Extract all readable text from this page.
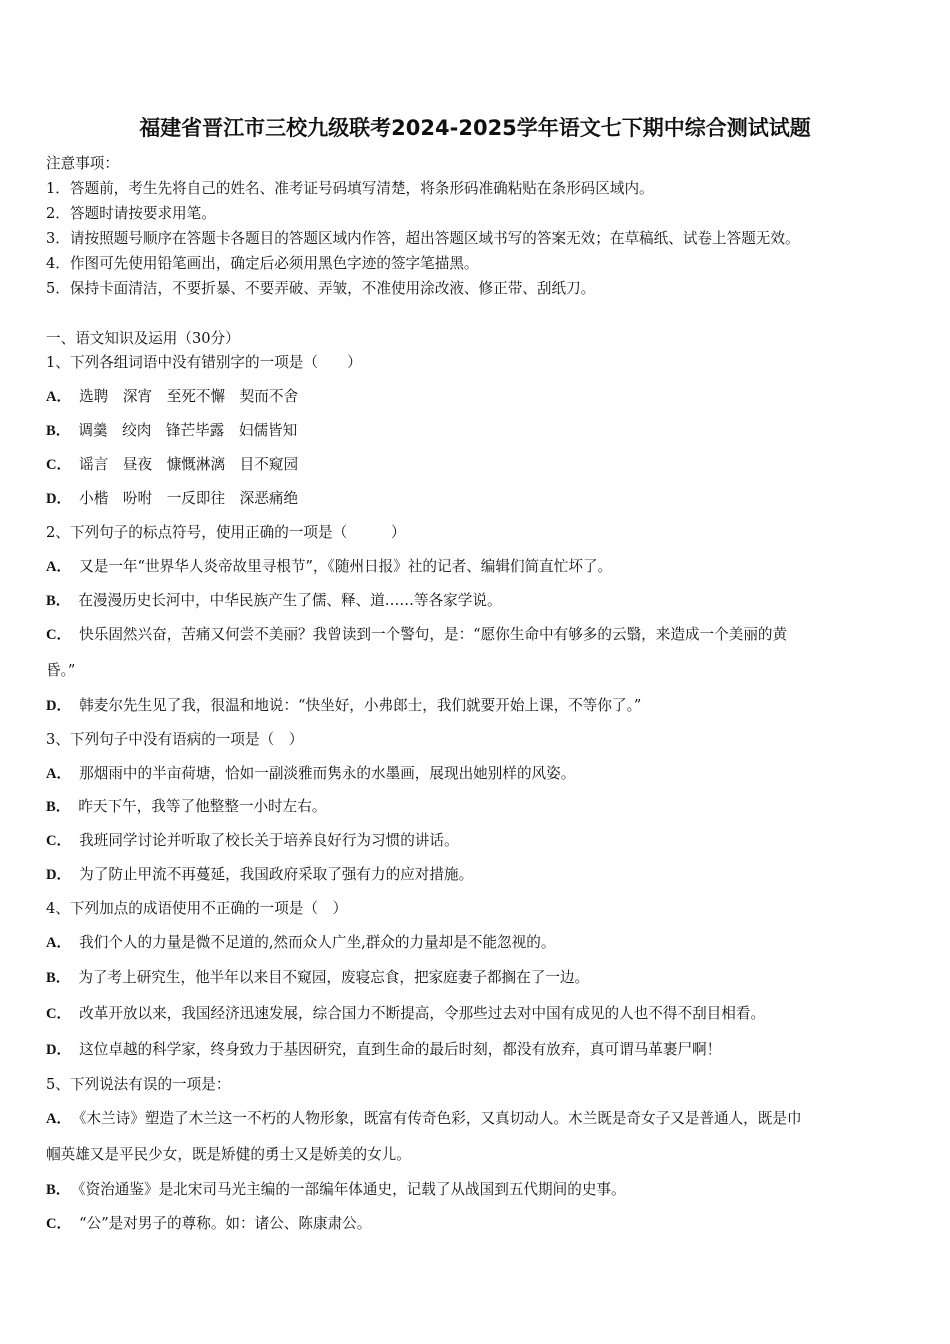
福建省晋江市三校九级联考2024-2025学年语文七下期中综合测试试题
注意事项：
1．答题前，考生先将自己的姓名、准考证号码填写清楚，将条形码准确粘贴在条形码区域内。
2．答题时请按要求用笔。
3．请按照题号顺序在答题卡各题目的答题区域内作答，超出答题区域书写的答案无效；在草稿纸、试卷上答题无效。
4．作图可先使用铅笔画出，确定后必须用黑色字迹的签字笔描黑。
5．保持卡面清洁，不要折暴、不要弄破、弄皱，不准使用涂改液、修正带、刮纸刀。
一、语文知识及运用（30分）
1、下列各组词语中没有错别字的一项是（　　）
A． 选聘　深宵　至死不懈　契而不舍
B． 调羹　绞肉　锋芒毕露　妇儒皆知
C． 谣言　昼夜　慷慨淋漓　目不窥园
D． 小楷　吩咐　一反即往　深恶痛绝
2、下列句子的标点符号，使用正确的一项是（　　　）
A． 又是一年“世界华人炎帝故里寻根节”，《随州日报》社的记者、编辑们简直忙坏了。
B． 在漫漫历史长河中，中华民族产生了儒、释、道……等各家学说。
C． 快乐固然兴奋，苦痛又何尝不美丽？我曾读到一个警句，是：“愿你生命中有够多的云翳，来造成一个美丽的黄
昏。”
D． 韩麦尔先生见了我，很温和地说：“快坐好，小弗郎士，我们就要开始上课，不等你了。”
3、下列句子中没有语病的一项是（　）
A． 那烟雨中的半亩荷塘，恰如一副淡雅而隽永的水墨画，展现出她别样的风姿。
B． 昨天下午，我等了他整整一小时左右。
C． 我班同学讨论并听取了校长关于培养良好行为习惯的讲话。
D． 为了防止甲流不再蔓延，我国政府采取了强有力的应对措施。
4、下列加点的成语使用不正确的一项是（　）
A． 我们个人的力量是微不足道的,然而众人广坐,群众的力量却是不能忽视的。
B． 为了考上研究生，他半年以来目不窥园，废寝忘食，把家庭妻子都搁在了一边。
C． 改革开放以来，我国经济迅速发展，综合国力不断提高，令那些过去对中国有成见的人也不得不刮目相看。
D． 这位卓越的科学家，终身致力于基因研究，直到生命的最后时刻，都没有放弃，真可谓马革裹尸啊！
5、下列说法有误的一项是：
A． 《木兰诗》塑造了木兰这一不朽的人物形象，既富有传奇色彩，又真切动人。木兰既是奇女子又是普通人，既是巾
帼英雄又是平民少女，既是矫健的勇士又是娇美的女儿。
B． 《资治通鉴》是北宋司马光主编的一部编年体通史，记载了从战国到五代期间的史事。
C． “公”是对男子的尊称。如：诸公、陈康肃公。
